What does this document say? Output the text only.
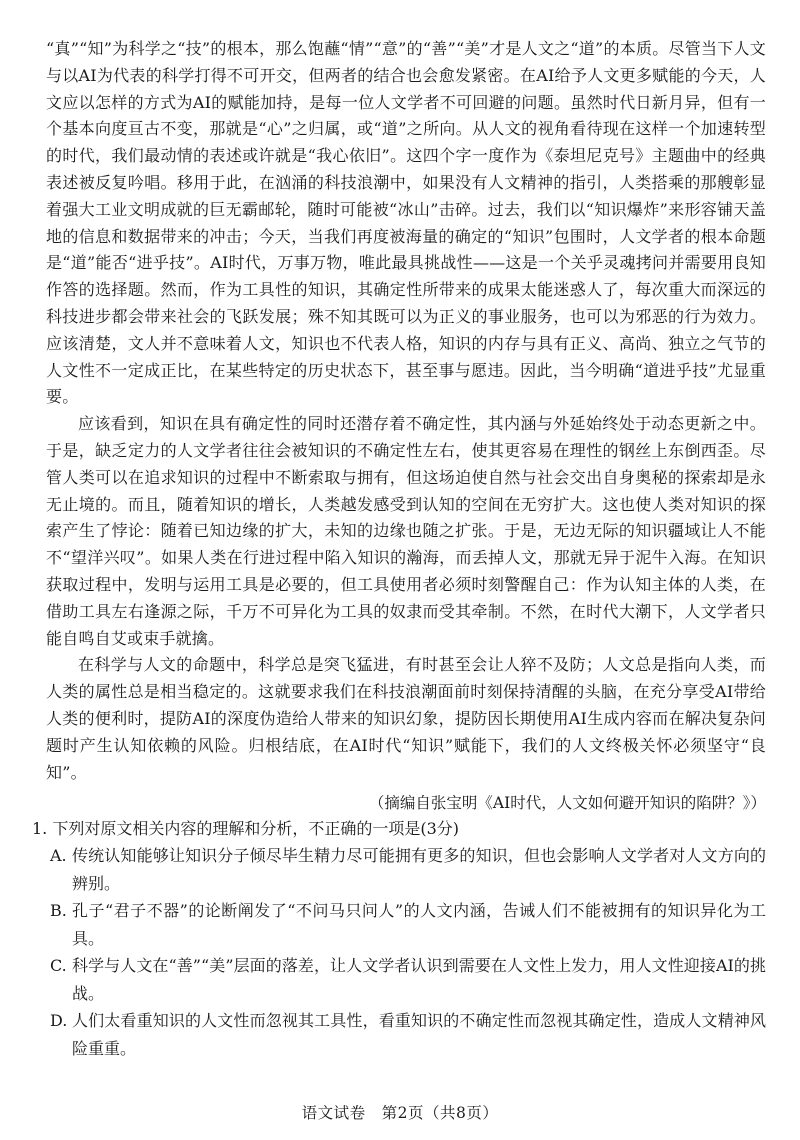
“真”“知”为科学之“技”的根本，那么饱蘸“情”“意”的“善”“美”才是人文之“道”的本质。尽管当下人文与以AI为代表的科学打得不可开交，但两者的结合也会愈发紧密。在AI给予人文更多赋能的今天，人文应以怎样的方式为AI的赋能加持，是每一位人文学者不可回避的问题。虽然时代日新月异，但有一个基本向度亘古不变，那就是“心”之归属，或“道”之所向。从人文的视角看待现在这样一个加速转型的时代，我们最动情的表述或许就是“我心依旧”。这四个字一度作为《泰坦尼克号》主题曲中的经典表述被反复吟唱。移用于此，在汹涌的科技浪潮中，如果没有人文精神的指引，人类搭乘的那艘彰显着强大工业文明成就的巨无霸邮轮，随时可能被“冰山”击碎。过去，我们以“知识爆炸”来形容铺天盖地的信息和数据带来的冲击；今天，当我们再度被海量的确定的“知识”包围时，人文学者的根本命题是“道”能否“进乎技”。AI时代，万事万物，唯此最具挑战性——这是一个关乎灵魂拷问并需要用良知作答的选择题。然而，作为工具性的知识，其确定性所带来的成果太能迷惑人了，每次重大而深远的科技进步都会带来社会的飞跃发展；殊不知其既可以为正义的事业服务，也可以为邪恶的行为效力。应该清楚，文人并不意味着人文，知识也不代表人格，知识的内存与具有正义、高尚、独立之气节的人文性不一定成正比，在某些特定的历史状态下，甚至事与愿违。因此，当今明确“道进乎技”尤显重要。

应该看到，知识在具有确定性的同时还潜存着不确定性，其内涵与外延始终处于动态更新之中。于是，缺乏定力的人文学者往往会被知识的不确定性左右，使其更容易在理性的钢丝上东倒西歪。尽管人类可以在追求知识的过程中不断索取与拥有，但这场迫使自然与社会交出自身奥秘的探索却是永无止境的。而且，随着知识的增长，人类越发感受到认知的空间在无穷扩大。这也使人类对知识的探索产生了悖论：随着已知边缘的扩大，未知的边缘也随之扩张。于是，无边无际的知识疆域让人不能不“望洋兴叹”。如果人类在行进过程中陷入知识的瀚海，而丢掉人文，那就无异于泥牛入海。在知识获取过程中，发明与运用工具是必要的，但工具使用者必须时刻警醒自己：作为认知主体的人类，在借助工具左右逢源之际，千万不可异化为工具的奴隶而受其牵制。不然，在时代大潮下，人文学者只能自鸣自艾或束手就擒。

在科学与人文的命题中，科学总是突飞猛进，有时甚至会让人猝不及防；人文总是指向人类，而人类的属性总是相当稳定的。这就要求我们在科技浪潮面前时刻保持清醒的头脑，在充分享受AI带给人类的便利时，提防AI的深度伪造给人带来的知识幻象，提防因长期使用AI生成内容而在解决复杂问题时产生认知依赖的风险。归根结底，在AI时代“知识”赋能下，我们的人文终极关怀必须坚守“良知”。

（摘编自张宝明《AI时代，人文如何避开知识的陷阱？》）

1. 下列对原文相关内容的理解和分析，不正确的一项是(3分)

A. 传统认知能够让知识分子倾尽毕生精力尽可能拥有更多的知识，但也会影响人文学者对人文方向的辨别。
B. 孔子“君子不器”的论断阐发了“不问马只问人”的人文内涵，告诫人们不能被拥有的知识异化为工具。
C. 科学与人文在“善”“美”层面的落差，让人文学者认识到需要在人文性上发力，用人文性迎接AI的挑战。
D. 人们太看重知识的人文性而忽视其工具性，看重知识的不确定性而忽视其确定性，造成人文精神风险重重。
语文试卷　第2页（共8页）
